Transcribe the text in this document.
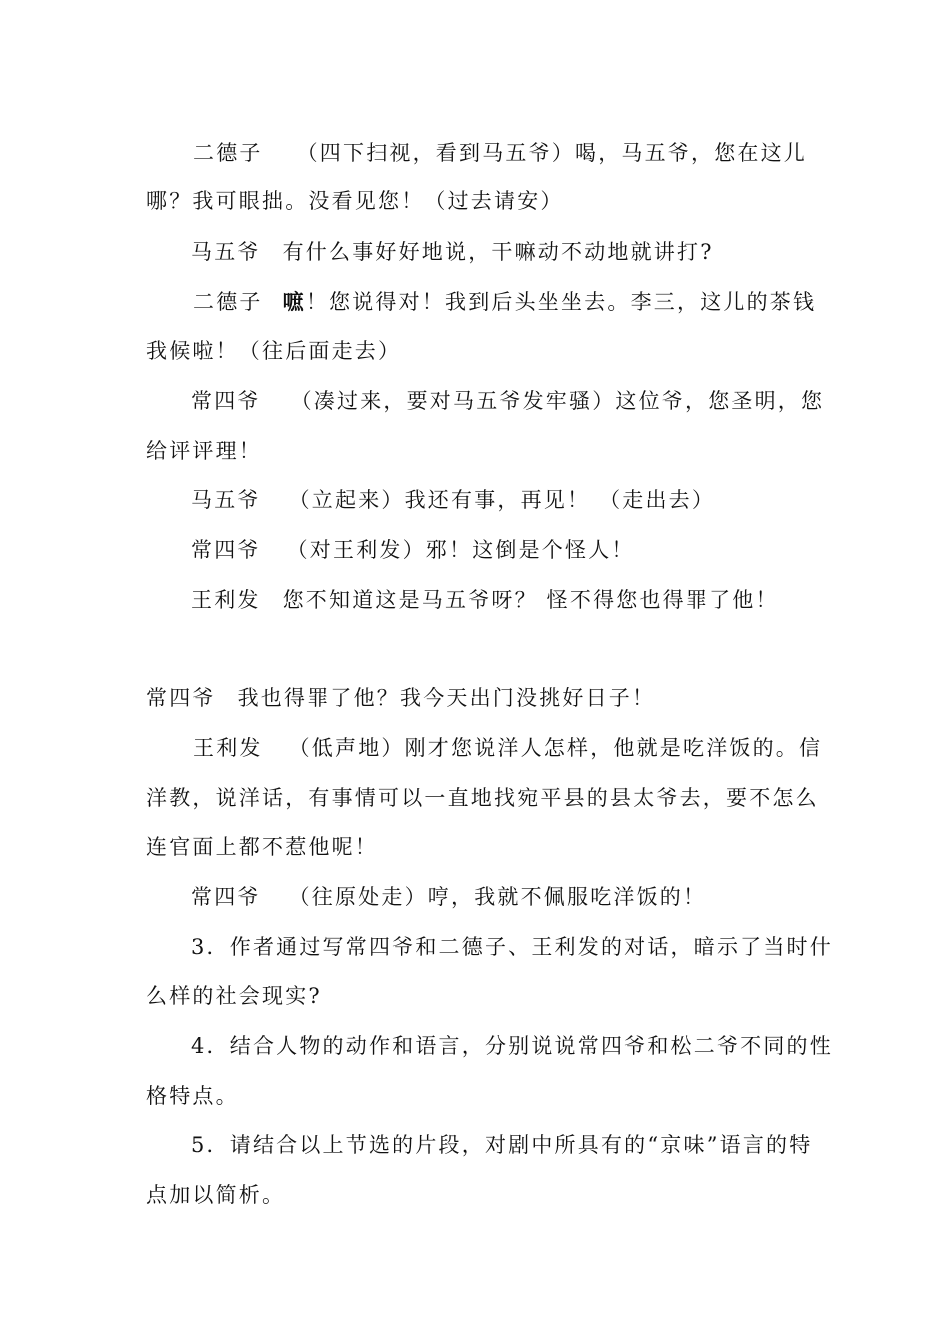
二德子 （四下扫视，看到马五爷）喝，马五爷，您在这儿
哪？我可眼拙。没看见您！（过去请安）
马五爷 有什么事好好地说，干嘛动不动地就讲打?
二德子 嗻！您说得对！我到后头坐坐去。李三，这儿的茶钱
我候啦！（往后面走去）
常四爷 （凑过来，要对马五爷发牢骚）这位爷，您圣明，您
给评评理！
马五爷 （立起来）我还有事，再见！ （走出去）
常四爷 （对王利发）邪！这倒是个怪人！
王利发 您不知道这是马五爷呀？ 怪不得您也得罪了他！
常四爷 我也得罪了他？我今天出门没挑好日子！
王利发 （低声地）刚才您说洋人怎样，他就是吃洋饭的。信
洋教，说洋话，有事情可以一直地找宛平县的县太爷去，要不怎么
连官面上都不惹他呢！
常四爷 （往原处走）哼，我就不佩服吃洋饭的！
3．作者通过写常四爷和二德子、王利发的对话，暗示了当时什
么样的社会现实?
4．结合人物的动作和语言，分别说说常四爷和松二爷不同的性
格特点。
5．请结合以上节选的片段，对剧中所具有的“京味”语言的特
点加以简析。
